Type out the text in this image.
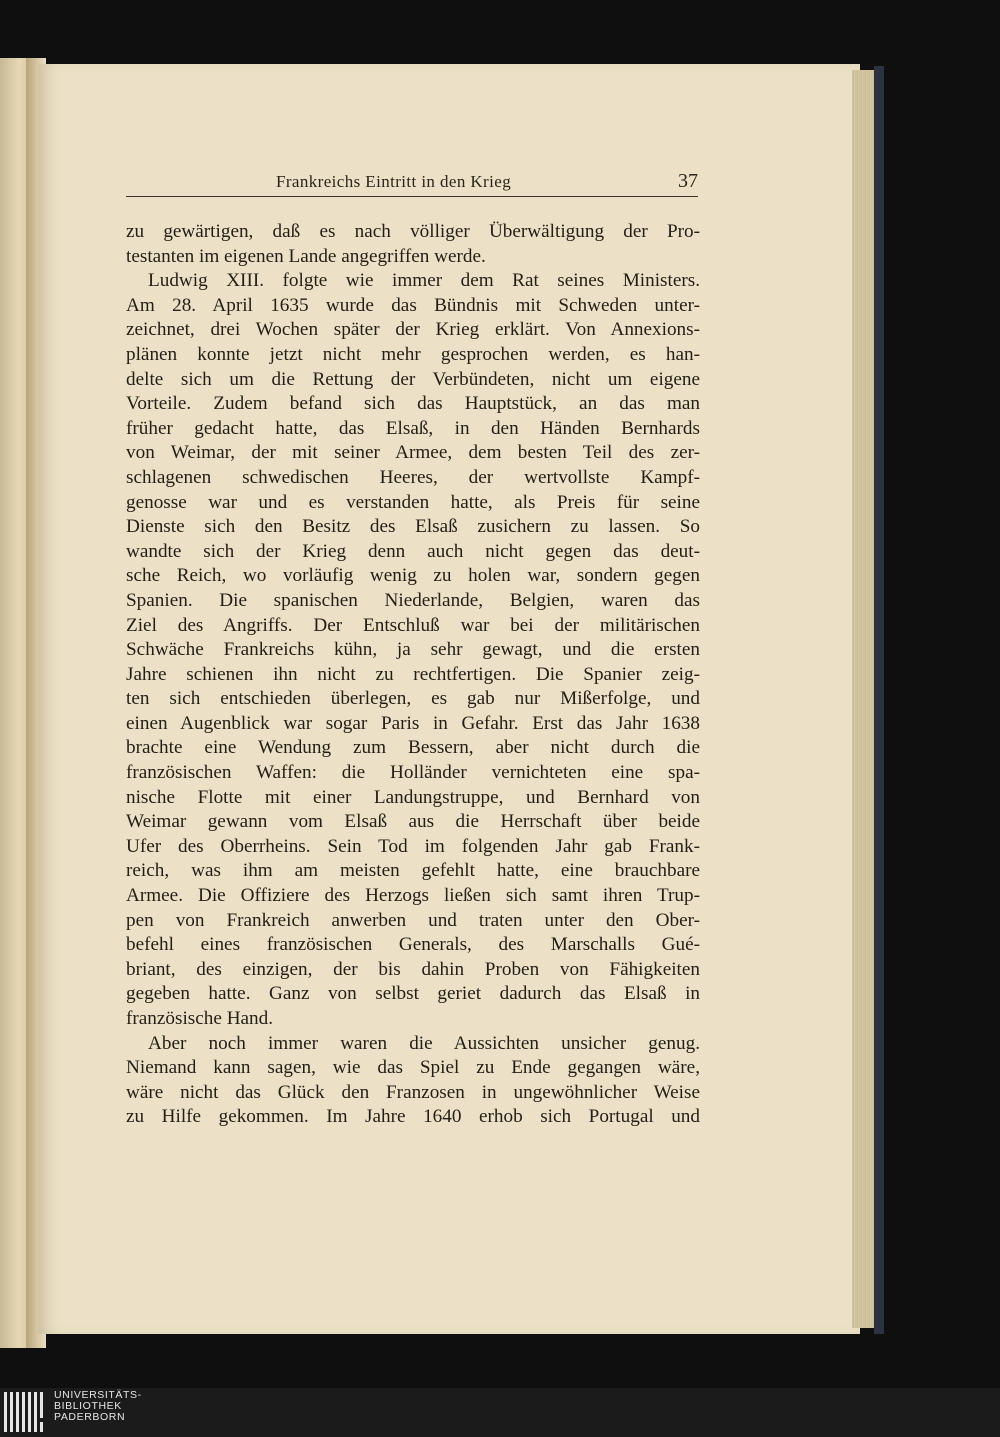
Frankreichs Eintritt in den Krieg	37
zu gewärtigen, daß es nach völliger Überwältigung der Pro-
testanten im eigenen Lande angegriffen werde.
Ludwig XIII. folgte wie immer dem Rat seines Ministers.
Am 28. April 1635 wurde das Bündnis mit Schweden unter-
zeichnet, drei Wochen später der Krieg erklärt. Von Annexions-
plänen konnte jetzt nicht mehr gesprochen werden, es han-
delte sich um die Rettung der Verbündeten, nicht um eigene
Vorteile. Zudem befand sich das Hauptstück, an das man
früher gedacht hatte, das Elsaß, in den Händen Bernhards
von Weimar, der mit seiner Armee, dem besten Teil des zer-
schlagenen schwedischen Heeres, der wertvollste Kampf-
genosse war und es verstanden hatte, als Preis für seine
Dienste sich den Besitz des Elsaß zusichern zu lassen. So
wandte sich der Krieg denn auch nicht gegen das deut-
sche Reich, wo vorläufig wenig zu holen war, sondern gegen
Spanien. Die spanischen Niederlande, Belgien, waren das
Ziel des Angriffs. Der Entschluß war bei der militärischen
Schwäche Frankreichs kühn, ja sehr gewagt, und die ersten
Jahre schienen ihn nicht zu rechtfertigen. Die Spanier zeig-
ten sich entschieden überlegen, es gab nur Mißerfolge, und
einen Augenblick war sogar Paris in Gefahr. Erst das Jahr 1638
brachte eine Wendung zum Bessern, aber nicht durch die
französischen Waffen: die Holländer vernichteten eine spa-
nische Flotte mit einer Landungstruppe, und Bernhard von
Weimar gewann vom Elsaß aus die Herrschaft über beide
Ufer des Oberrheins. Sein Tod im folgenden Jahr gab Frank-
reich, was ihm am meisten gefehlt hatte, eine brauchbare
Armee. Die Offiziere des Herzogs ließen sich samt ihren Trup-
pen von Frankreich anwerben und traten unter den Ober-
befehl eines französischen Generals, des Marschalls Gué-
briant, des einzigen, der bis dahin Proben von Fähigkeiten
gegeben hatte. Ganz von selbst geriet dadurch das Elsaß in
französische Hand.
Aber noch immer waren die Aussichten unsicher genug.
Niemand kann sagen, wie das Spiel zu Ende gegangen wäre,
wäre nicht das Glück den Franzosen in ungewöhnlicher Weise
zu Hilfe gekommen. Im Jahre 1640 erhob sich Portugal und
UNIVERSITÄTS-
BIBLIOTHEK
PADERBORN
